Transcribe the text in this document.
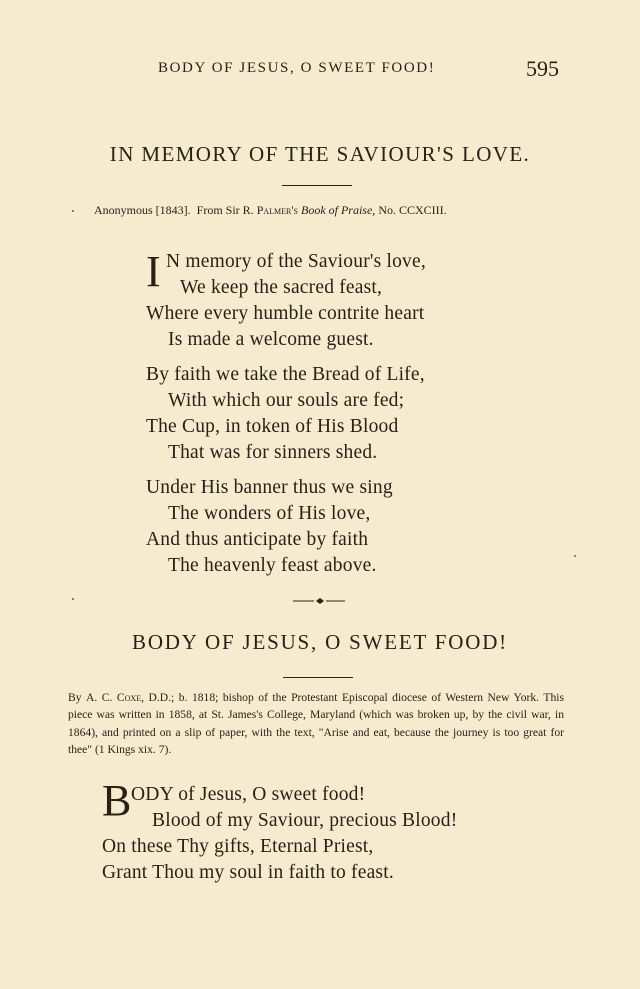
BODY OF JESUS, O SWEET FOOD!	595
IN MEMORY OF THE SAVIOUR'S LOVE.
Anonymous [1843]. From Sir R. Palmer's Book of Praise, No. CCXCIII.
I N memory of the Saviour's love,
We keep the sacred feast,
Where every humble contrite heart
Is made a welcome guest.
By faith we take the Bread of Life,
With which our souls are fed;
The Cup, in token of His Blood
That was for sinners shed.
Under His banner thus we sing
The wonders of His love,
And thus anticipate by faith
The heavenly feast above.
BODY OF JESUS, O SWEET FOOD!
By A. C. Coxe, D.D.; b. 1818; bishop of the Protestant Episcopal diocese of Western New York. This piece was written in 1858, at St. James's College, Maryland (which was broken up, by the civil war, in 1864), and printed on a slip of paper, with the text, "Arise and eat, because the journey is too great for thee" (1 Kings xix. 7).
B ODY of Jesus, O sweet food!
Blood of my Saviour, precious Blood!
On these Thy gifts, Eternal Priest,
Grant Thou my soul in faith to feast.
